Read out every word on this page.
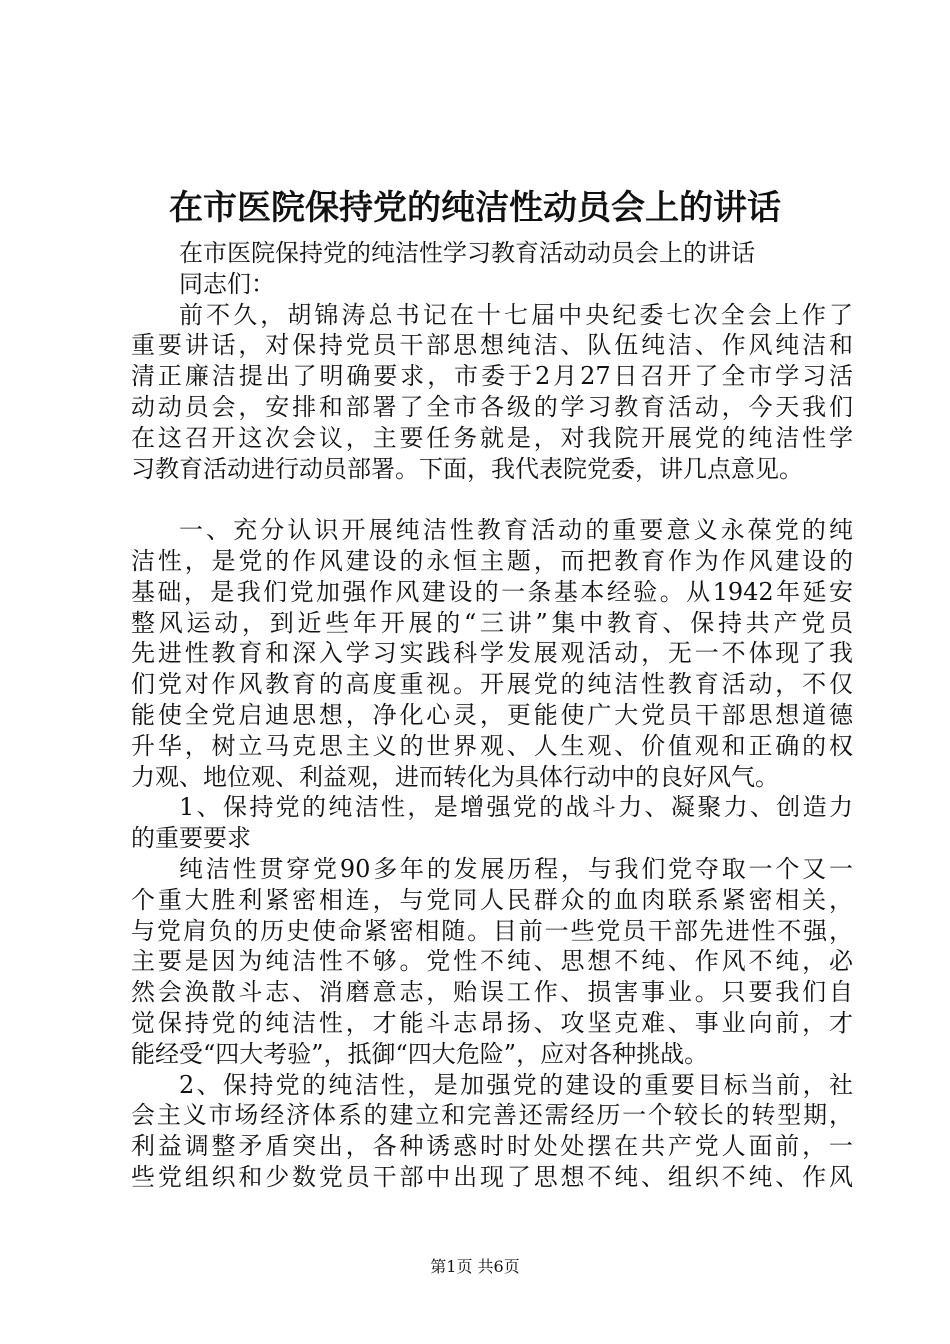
在市医院保持党的纯洁性动员会上的讲话
在市医院保持党的纯洁性学习教育活动动员会上的讲话
同志们：
前不久，胡锦涛总书记在十七届中央纪委七次全会上作了
重要讲话，对保持党员干部思想纯洁、队伍纯洁、作风纯洁和
清正廉洁提出了明确要求，市委于2月27日召开了全市学习活
动动员会，安排和部署了全市各级的学习教育活动，今天我们
在这召开这次会议，主要任务就是，对我院开展党的纯洁性学
习教育活动进行动员部署。下面，我代表院党委，讲几点意见。
一、充分认识开展纯洁性教育活动的重要意义永葆党的纯
洁性，是党的作风建设的永恒主题，而把教育作为作风建设的
基础，是我们党加强作风建设的一条基本经验。从1942年延安
整风运动，到近些年开展的“三讲”集中教育、保持共产党员
先进性教育和深入学习实践科学发展观活动，无一不体现了我
们党对作风教育的高度重视。开展党的纯洁性教育活动，不仅
能使全党启迪思想，净化心灵，更能使广大党员干部思想道德
升华，树立马克思主义的世界观、人生观、价值观和正确的权
力观、地位观、利益观，进而转化为具体行动中的良好风气。
1、保持党的纯洁性，是增强党的战斗力、凝聚力、创造力
的重要要求
纯洁性贯穿党90多年的发展历程，与我们党夺取一个又一
个重大胜利紧密相连，与党同人民群众的血肉联系紧密相关，
与党肩负的历史使命紧密相随。目前一些党员干部先进性不强，
主要是因为纯洁性不够。党性不纯、思想不纯、作风不纯，必
然会涣散斗志、消磨意志，贻误工作、损害事业。只要我们自
觉保持党的纯洁性，才能斗志昂扬、攻坚克难、事业向前，才
能经受“四大考验”，抵御“四大危险”，应对各种挑战。
2、保持党的纯洁性，是加强党的建设的重要目标当前，社
会主义市场经济体系的建立和完善还需经历一个较长的转型期，
利益调整矛盾突出，各种诱惑时时处处摆在共产党人面前，一
些党组织和少数党员干部中出现了思想不纯、组织不纯、作风
第1页 共6页
